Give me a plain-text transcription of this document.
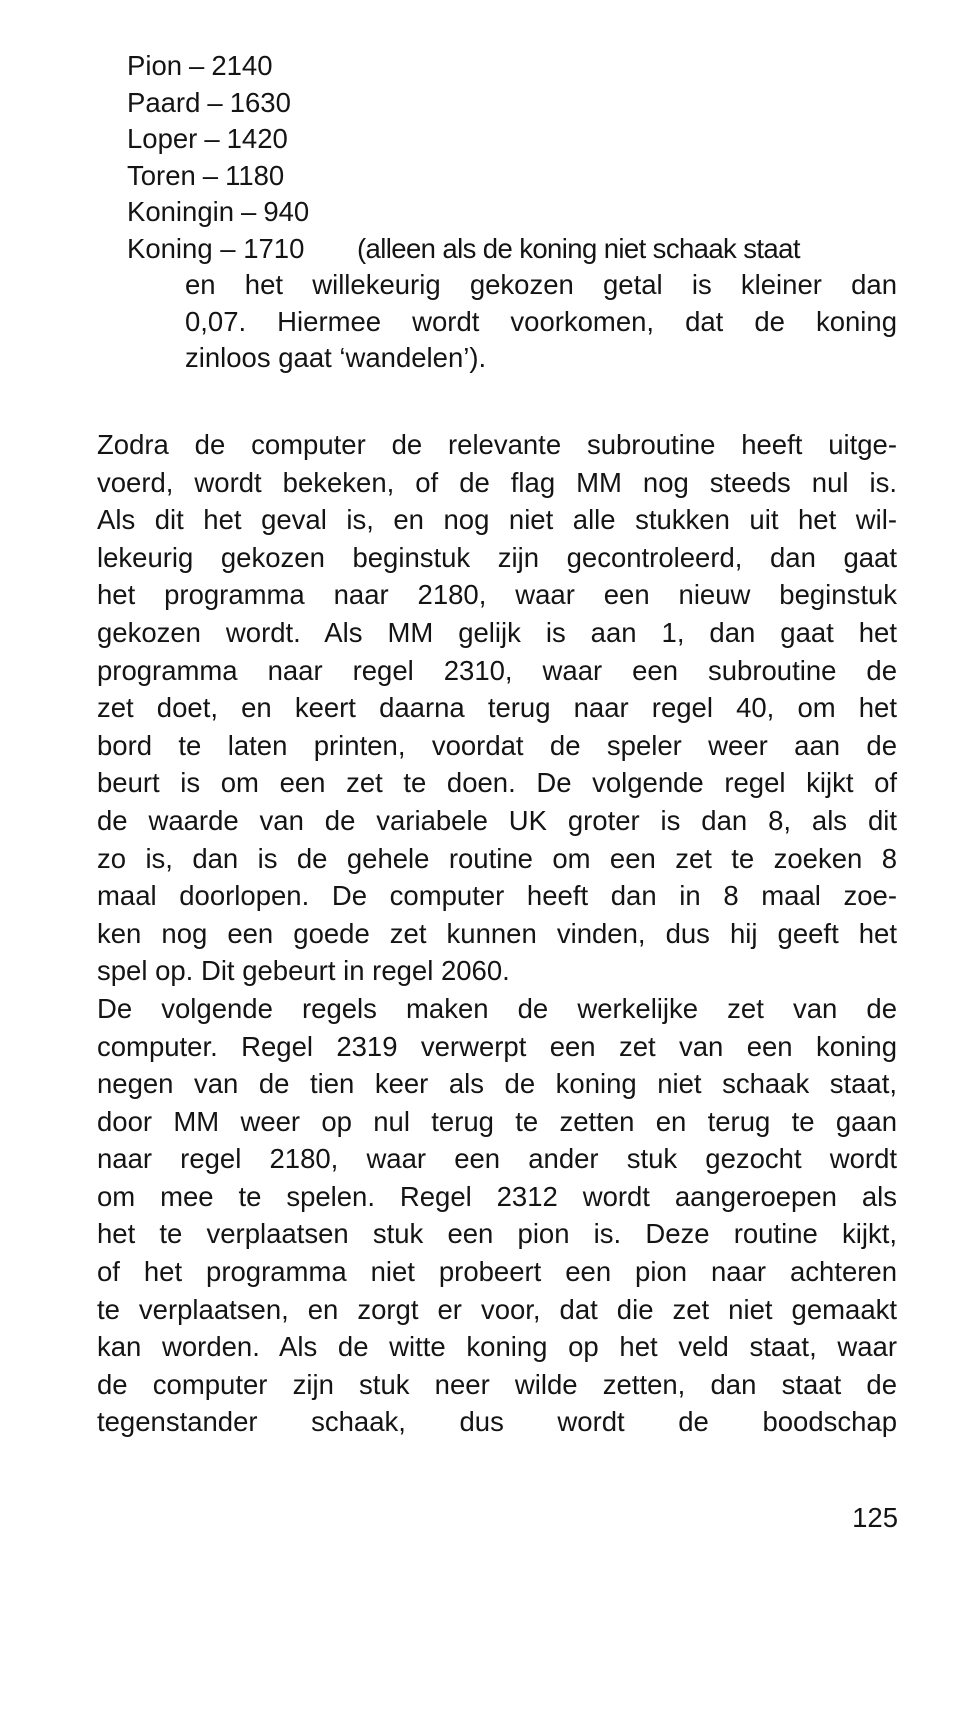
Pion – 2140
Paard – 1630
Loper – 1420
Toren – 1180
Koningin – 940
Koning – 1710	(alleen als de koning niet schaak staat
en het willekeurig gekozen getal is kleiner dan
0,07. Hiermee wordt voorkomen, dat de koning
zinloos gaat ‘wandelen’).
Zodra de computer de relevante subroutine heeft uitge-
voerd, wordt bekeken, of de flag MM nog steeds nul is.
Als dit het geval is, en nog niet alle stukken uit het wil-
lekeurig gekozen beginstuk zijn gecontroleerd, dan gaat
het programma naar 2180, waar een nieuw beginstuk
gekozen wordt. Als MM gelijk is aan 1, dan gaat het
programma naar regel 2310, waar een subroutine de
zet doet, en keert daarna terug naar regel 40, om het
bord te laten printen, voordat de speler weer aan de
beurt is om een zet te doen. De volgende regel kijkt of
de waarde van de variabele UK groter is dan 8, als dit
zo is, dan is de gehele routine om een zet te zoeken 8
maal doorlopen. De computer heeft dan in 8 maal zoe-
ken nog een goede zet kunnen vinden, dus hij geeft het
spel op. Dit gebeurt in regel 2060.
De volgende regels maken de werkelijke zet van de
computer. Regel 2319 verwerpt een zet van een koning
negen van de tien keer als de koning niet schaak staat,
door MM weer op nul terug te zetten en terug te gaan
naar regel 2180, waar een ander stuk gezocht wordt
om mee te spelen. Regel 2312 wordt aangeroepen als
het te verplaatsen stuk een pion is. Deze routine kijkt,
of het programma niet probeert een pion naar achteren
te verplaatsen, en zorgt er voor, dat die zet niet gemaakt
kan worden. Als de witte koning op het veld staat, waar
de computer zijn stuk neer wilde zetten, dan staat de
tegenstander schaak, dus wordt de boodschap
125
